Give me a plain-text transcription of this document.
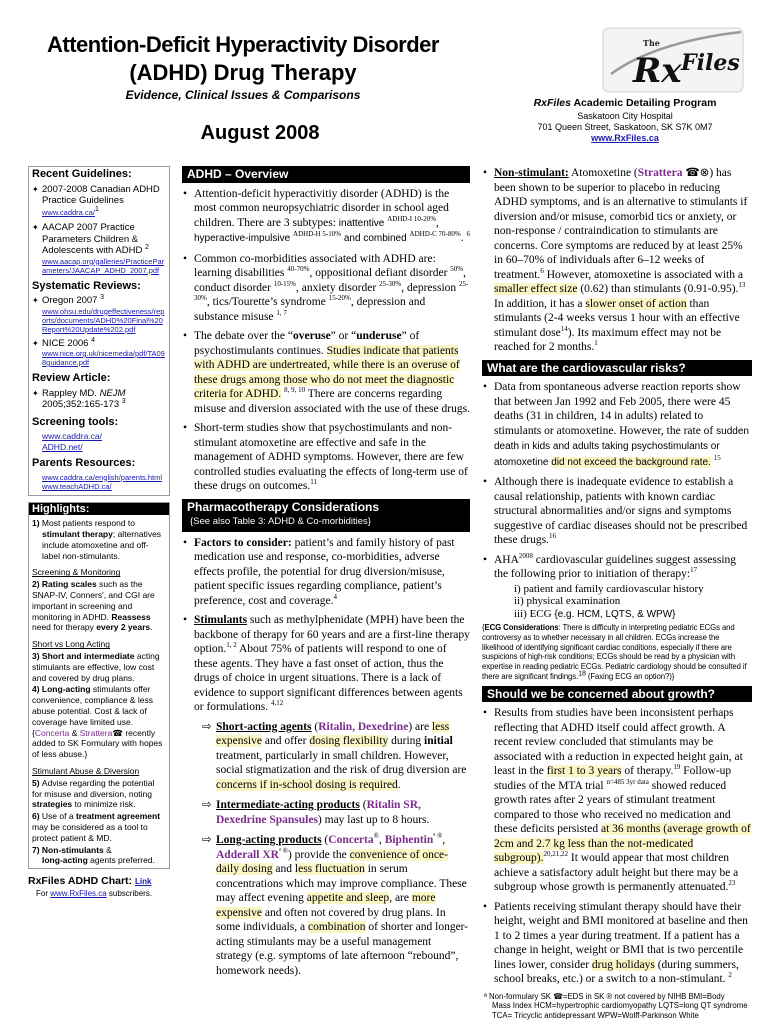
Attention-Deficit Hyperactivity Disorder
(ADHD) Drug Therapy
Evidence, Clinical Issues & Comparisons
August 2008
The
Rx Files
RxFiles Academic Detailing Program
Saskatoon City Hospital
701 Queen Street, Saskatoon, SK S7K 0M7
www.RxFiles.ca
Recent Guidelines:
✦ 2007-2008 Canadian ADHD Practice Guidelines www.caddra.ca/$^1$
✦ AACAP 2007 Practice Parameters Children & Adolescents with ADHD $^2$
www.aacap.org/galleries/PracticeParameters/JAACAP_ADHD_2007.pdf
Systematic Reviews:
✦ Oregon 2007 $^3$
www.ohsu.edu/drugeffectiveness/reports/documents/ADHD%20Final%20Report%20Update%202.pdf
✦ NICE 2006 $^4$
www.nice.org.uk/nicemedia/pdf/TA098guidance.pdf
Review Article:
✦ Rappley MD. NEJM 2005;352:165-173 $^3$
Screening tools:
www.caddra.ca/
ADHD.net/
Parents Resources:
www.caddra.ca/english/parents.html
www.teachADHD.ca/
Highlights:
1) Most patients respond to
stimulant therapy; alternatives include atomoxetine and off-label non-stimulants.
Screening & Monitoring
2) Rating scales such as the SNAP-IV, Conners', and CGI are important in screening and monitoring in ADHD. Reassess need for therapy every 2 years.
Short vs Long Acting
3) Short and intermediate acting stimulants are effective, low cost and covered by drug plans.
4) Long-acting stimulants offer convenience, compliance & less abuse potential. Cost & lack of coverage have limited use. {Concerta & Strattera☎ recently added to SK Formulary with hopes of less abuse.}
Stimulant Abuse & Diversion
5) Advise regarding the potential for misuse and diversion, noting strategies to minimize risk.
6) Use of a treatment agreement may be considered as a tool to protect patient & MD.
7) Non-stimulants &
long-acting agents preferred.
RxFiles ADHD Chart: Link
For www.RxFiles.ca subscribers.
ADHD – Overview
• Attention-deficit hyperactivitiy disorder (ADHD) is the most common neuropsychiatric disorder in school aged children. There are 3 subtypes: inattentive $^{ADHD-I 10-20\%}$, hyperactive-impulsive $^{ADHD-H 5-10\%}$ and combined $^{ADHD-C 70-80\%}$. $^6$
• Common co-morbidities associated with ADHD are: learning disabilities $^{40-70\%}$, oppositional defiant disorder $^{50\%}$, conduct disorder $^{10-15\%}$, anxiety disorder $^{25-30\%}$, depression $^{25-30\%}$, tics/Tourette’s syndrome $^{15-20\%}$, depression and substance misuse $^{1, 7}$
• The debate over the “overuse” or “underuse” of psychostimulants continues. Studies indicate that patients with ADHD are undertreated, while there is an overuse of these drugs among those who do not meet the diagnostic criteria for ADHD. $^{8, 9, 10}$ There are concerns regarding misuse and diversion associated with the use of these drugs.
• Short-term studies show that psychostimulants and non-stimulant atomoxetine are effective and safe in the management of ADHD symptoms. However, there are few controlled studies evaluating the effects of long-term use of these drugs on outcomes.$^{11}$
Pharmacotherapy Considerations
{See also Table 3: ADHD & Co-morbidities}
• Factors to consider: patient’s and family history of past medication use and response, co-morbidities, adverse effects profile, the potential for drug diversion/misuse, patient specific issues regarding compliance, patient’s preference, cost and coverage.$^4$
• Stimulants such as methylphenidate (MPH) have been the backbone of therapy for 60 years and are a first-line therapy option.$^{1, 2}$ About 75% of patients will respond to one of these agents. They have a fast onset of action, thus the drugs of choice in urgent situations. There is a lack of evidence to support significant differences between agents or formulations. $^{4,12}$
⇨ Short-acting agents (Ritalin, Dexedrine) are less expensive and offer dosing flexibility during initial treatment, particularly in small children. However, social stigmatization and the risk of drug diversion are concerns if in-school dosing is required.
⇨ Intermediate-acting products (Ritalin SR, Dexedrine Spansules) may last up to 8 hours.
⇨ Long-acting products (Concerta®, Biphentin$^{ª ®}$, Adderall $XR^{ª ®}$) provide the convenience of once-daily dosing and less fluctuation in serum concentrations which may improve compliance. These may affect evening appetite and sleep, are more expensive and often not covered by drug plans. In some individuals, a combination of shorter and longer-acting stimulants may be a useful management strategy (e.g. symptoms of late afternoon “rebound”, homework needs).
• Non-stimulant: Atomoxetine (Strattera ☎⊗) has been shown to be superior to placebo in reducing ADHD symptoms, and is an alternative to stimulants if diversion and/or misuse, comorbid tics or anxiety, or non-response / contraindication to stimulants are concerns. Core symptoms are reduced by at least 25% in 60–70% of individuals after 6–12 weeks of treatment.$^6$ However, atomoxetine is associated with a smaller effect size (0.62) than stimulants (0.91-0.95).$^{13}$ In addition, it has a slower onset of action than stimulants (2-4 weeks versus 1 hour with an effective stimulant dose$^{14}$). Its maximum effect may not be reached for 2 months.$^1$
What are the cardiovascular risks?
• Data from spontaneous adverse reaction reports show that between Jan 1992 and Feb 2005, there were 45 deaths (31 in children, 14 in adults) related to stimulants or atomoxetine. However, the rate of sudden death in kids and adults taking psychostimulants or atomoxetine did not exceed the background rate. $^{15}$
• Although there is inadequate evidence to establish a causal relationship, patients with known cardiac structural abnormalities and/or signs and symptoms suggestive of cardiac diseases should not be prescribed these drugs.$^{16}$
• $AHA^{2008}$ cardiovascular guidelines suggest assessing the following prior to initiation of therapy:$^{17}$
i) patient and family cardiovascular history
ii) physical examination
iii) ECG {e.g. HCM, LQTS, & WPW}
{ECG Considerations: There is difficulty in interpreting pediatric ECGs and controversy as to whether necessary in all children. ECGs increase the likelihood of identifying significant cardiac conditions, especially if there are suspicions of high-risk conditions; ECGs should be read by a physician with expertise in reading pediatric ECGs. Pediatric cardiology should be consulted if there are significant findings.$^{18}$ (Faxing ECG an option?)}
Should we be concerned about growth?
• Results from studies have been inconsistent perhaps reflecting that ADHD itself could affect growth. A recent review concluded that stimulants may be associated with a reduction in expected height gain, at least in the first 1 to 3 years of therapy.$^{19}$ Follow-up studies of the MTA trial $^{n=485 3yr data}$ showed reduced growth rates after 2 years of stimulant treatment compared to those who received no medication and these deficits persisted at 36 months (average growth of 2cm and 2.7 kg less than the not-medicated subgroup).$^{20,21,22}$ It would appear that most children achieve a satisfactory adult height but there may be a subgroup whose growth is permanently attenuated.$^{23}$
• Patients receiving stimulant therapy should have their height, weight and BMI monitored at baseline and then 1 to 2 times a year during treatment. If a patient has a change in height, weight or BMI that is two percentile lines lower, consider drug holidays (during summers, school breaks, etc.) or a switch to a non-stimulant. $^2$
ª Non-formulary SK ☎=EDS in SK ® not covered by NIHB BMI=Body
Mass Index HCM=hypertrophic cardiomyopathy LQTS=long QT syndrome
TCA= Tricyclic antidepressant WPW=Wolff-Parkinson White
